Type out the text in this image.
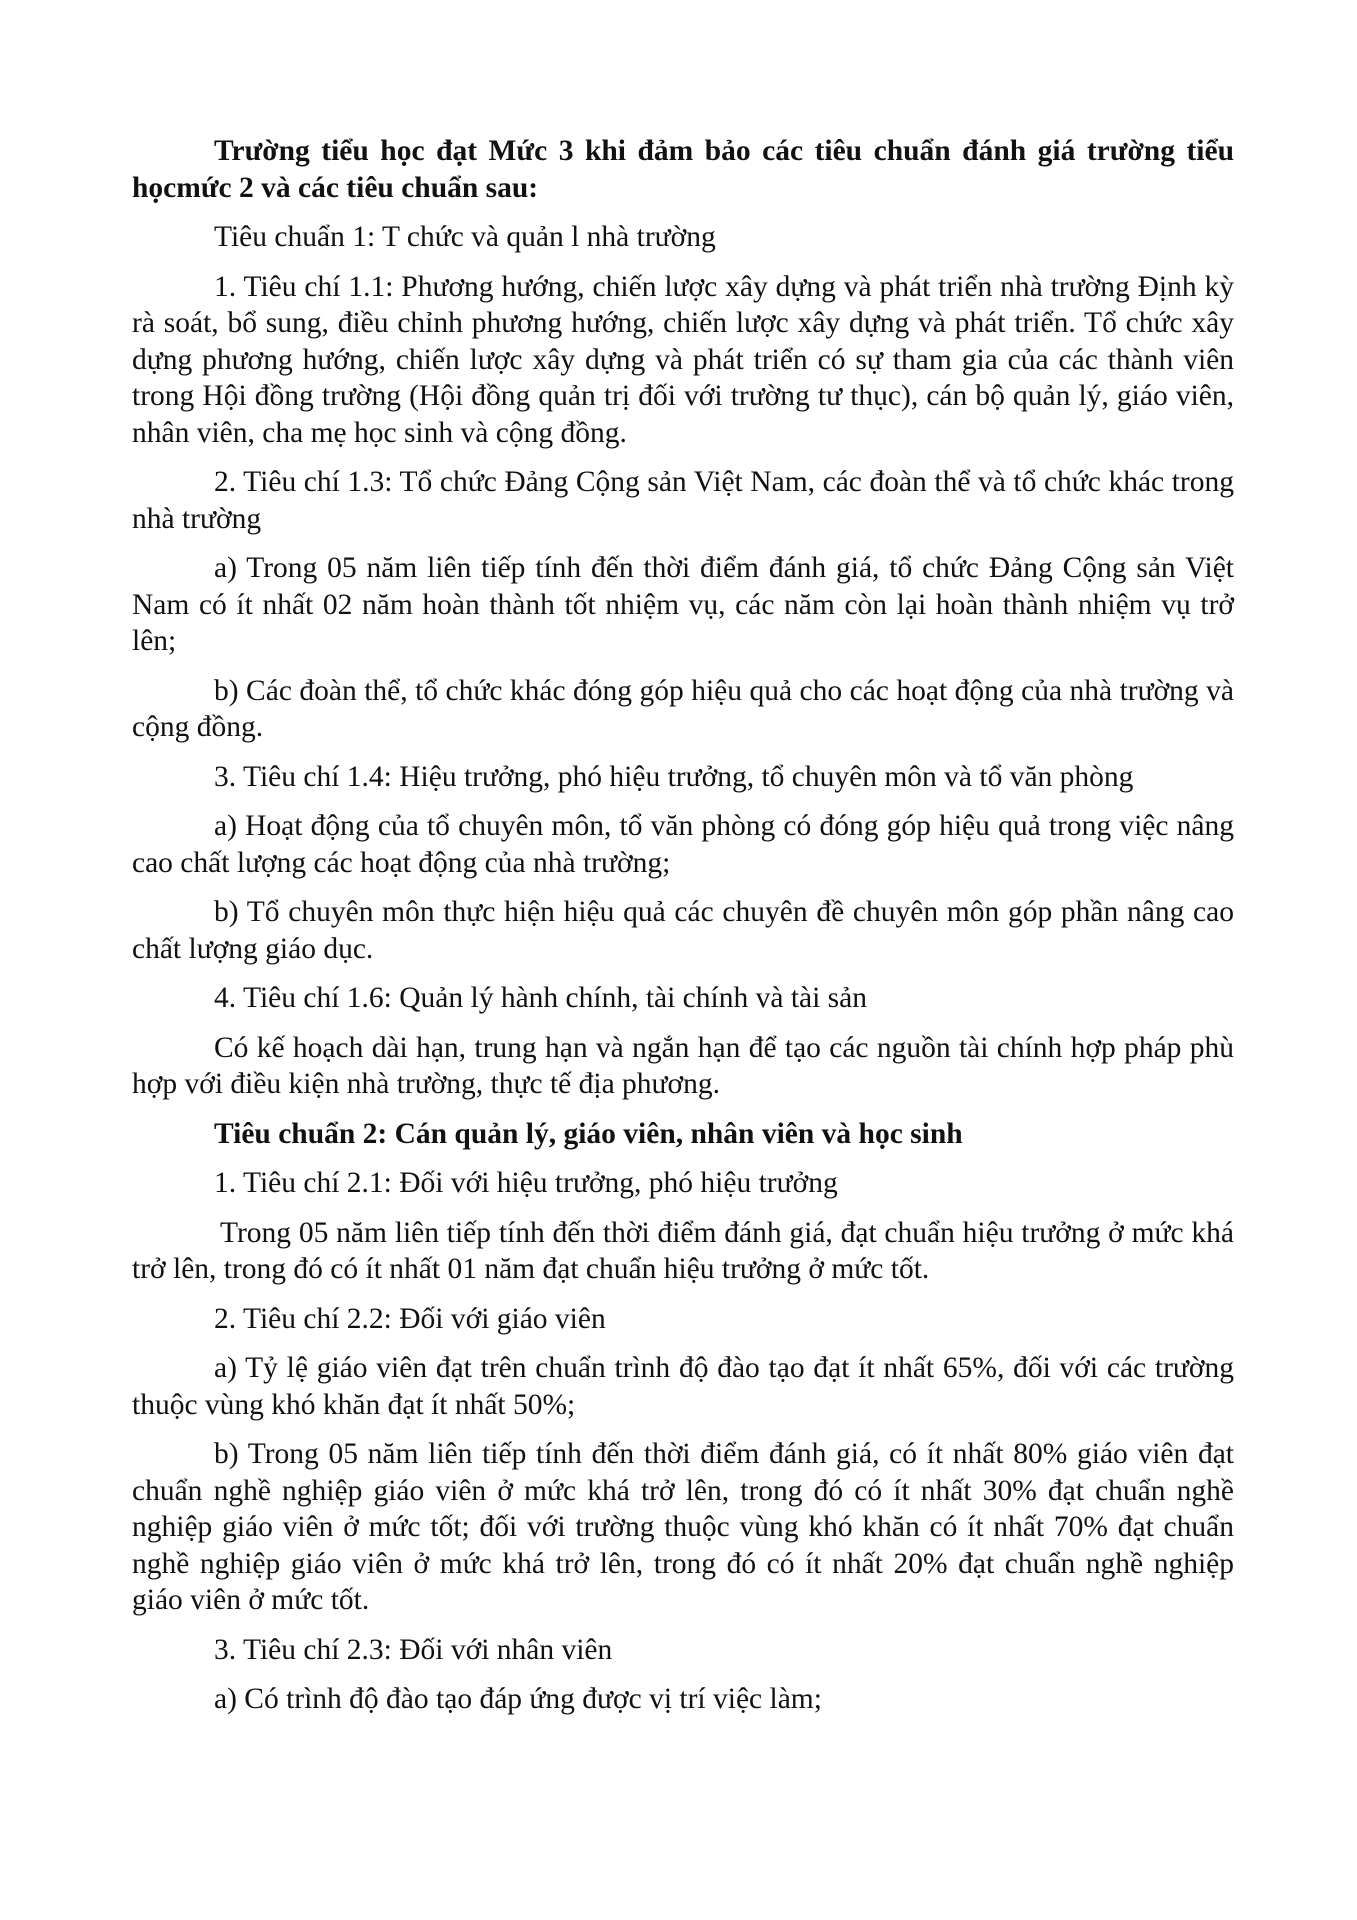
Trường tiểu học đạt Mức 3 khi đảm bảo các tiêu chuẩn đánh giá trường tiểu họcmức 2 và các tiêu chuẩn sau:

Tiêu chuẩn 1: T chức và quản l nhà trường

1. Tiêu chí 1.1: Phương hướng, chiến lược xây dựng và phát triển nhà trường Định kỳ rà soát, bổ sung, điều chỉnh phương hướng, chiến lược xây dựng và phát triển. Tổ chức xây dựng phương hướng, chiến lược xây dựng và phát triển có sự tham gia của các thành viên trong Hội đồng trường (Hội đồng quản trị đối với trường tư thục), cán bộ quản lý, giáo viên, nhân viên, cha mẹ học sinh và cộng đồng.

2. Tiêu chí 1.3: Tổ chức Đảng Cộng sản Việt Nam, các đoàn thể và tổ chức khác trong nhà trường

a) Trong 05 năm liên tiếp tính đến thời điểm đánh giá, tổ chức Đảng Cộng sản Việt Nam có ít nhất 02 năm hoàn thành tốt nhiệm vụ, các năm còn lại hoàn thành nhiệm vụ trở lên;

b) Các đoàn thể, tổ chức khác đóng góp hiệu quả cho các hoạt động của nhà trường và cộng đồng.

3. Tiêu chí 1.4: Hiệu trưởng, phó hiệu trưởng, tổ chuyên môn và tổ văn phòng

a) Hoạt động của tổ chuyên môn, tổ văn phòng có đóng góp hiệu quả trong việc nâng cao chất lượng các hoạt động của nhà trường;

b) Tổ chuyên môn thực hiện hiệu quả các chuyên đề chuyên môn góp phần nâng cao chất lượng giáo dục.

4. Tiêu chí 1.6: Quản lý hành chính, tài chính và tài sản

Có kế hoạch dài hạn, trung hạn và ngắn hạn để tạo các nguồn tài chính hợp pháp phù hợp với điều kiện nhà trường, thực tế địa phương.

Tiêu chuẩn 2: Cán quản lý, giáo viên, nhân viên và học sinh

1. Tiêu chí 2.1: Đối với hiệu trưởng, phó hiệu trưởng

Trong 05 năm liên tiếp tính đến thời điểm đánh giá, đạt chuẩn hiệu trưởng ở mức khá trở lên, trong đó có ít nhất 01 năm đạt chuẩn hiệu trưởng ở mức tốt.

2. Tiêu chí 2.2: Đối với giáo viên

a) Tỷ lệ giáo viên đạt trên chuẩn trình độ đào tạo đạt ít nhất 65%, đối với các trường thuộc vùng khó khăn đạt ít nhất 50%;

b) Trong 05 năm liên tiếp tính đến thời điểm đánh giá, có ít nhất 80% giáo viên đạt chuẩn nghề nghiệp giáo viên ở mức khá trở lên, trong đó có ít nhất 30% đạt chuẩn nghề nghiệp giáo viên ở mức tốt; đối với trường thuộc vùng khó khăn có ít nhất 70% đạt chuẩn nghề nghiệp giáo viên ở mức khá trở lên, trong đó có ít nhất 20% đạt chuẩn nghề nghiệp giáo viên ở mức tốt.

3. Tiêu chí 2.3: Đối với nhân viên

a) Có trình độ đào tạo đáp ứng được vị trí việc làm;
